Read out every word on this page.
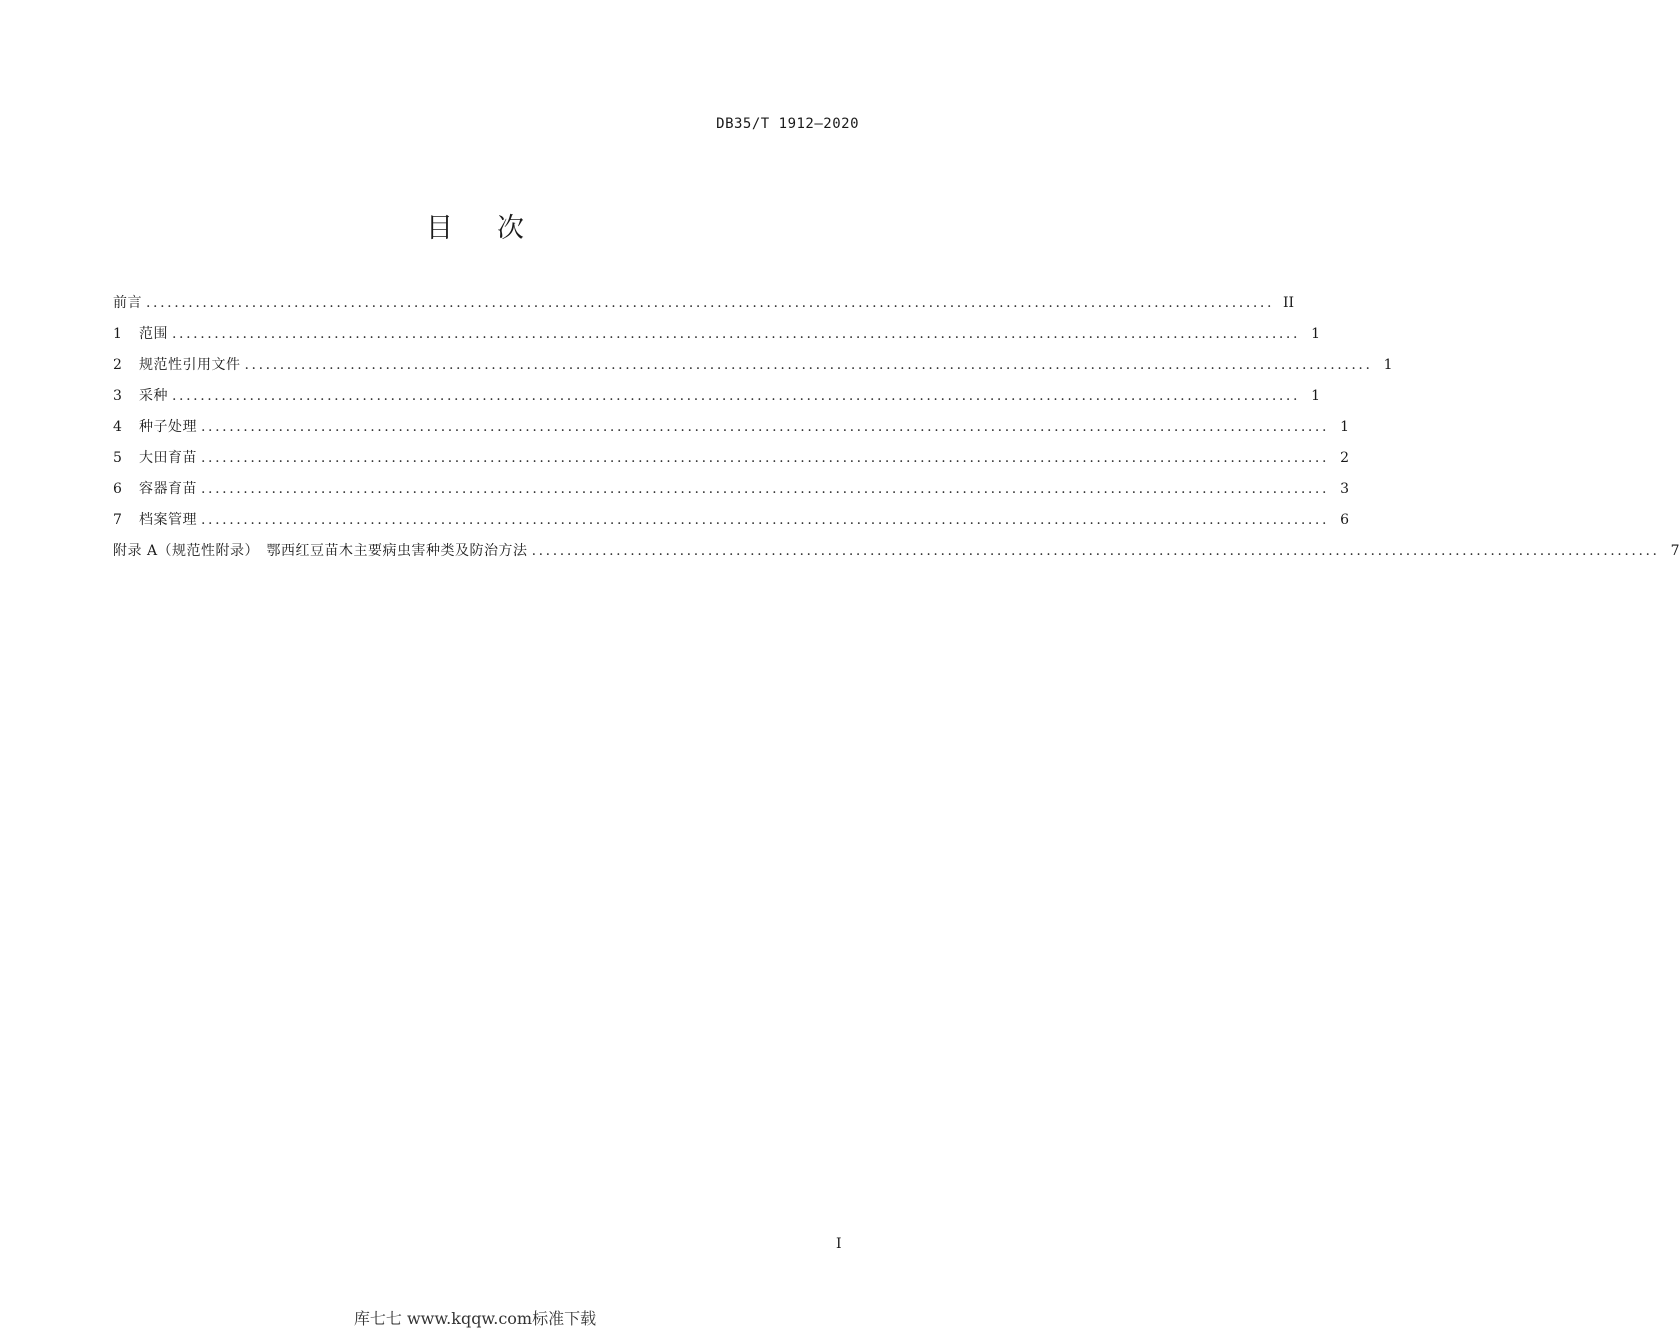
DB35/T 1912—2020
目次
前言 ................................................................................................................................................................ II
1	范围 ................................................................................................................................................................ 1
2	规范性引用文件 ................................................................................................................................................................ 1
3	采种 ................................................................................................................................................................ 1
4	种子处理 ................................................................................................................................................................ 1
5	大田育苗 ................................................................................................................................................................ 2
6	容器育苗 ................................................................................................................................................................ 3
7	档案管理 ................................................................................................................................................................ 6
附录 A（规范性附录）　鄂西红豆苗木主要病虫害种类及防治方法 ................................................................................................................................................................ 7
I
库七七 www.kqqw.com标准下载
